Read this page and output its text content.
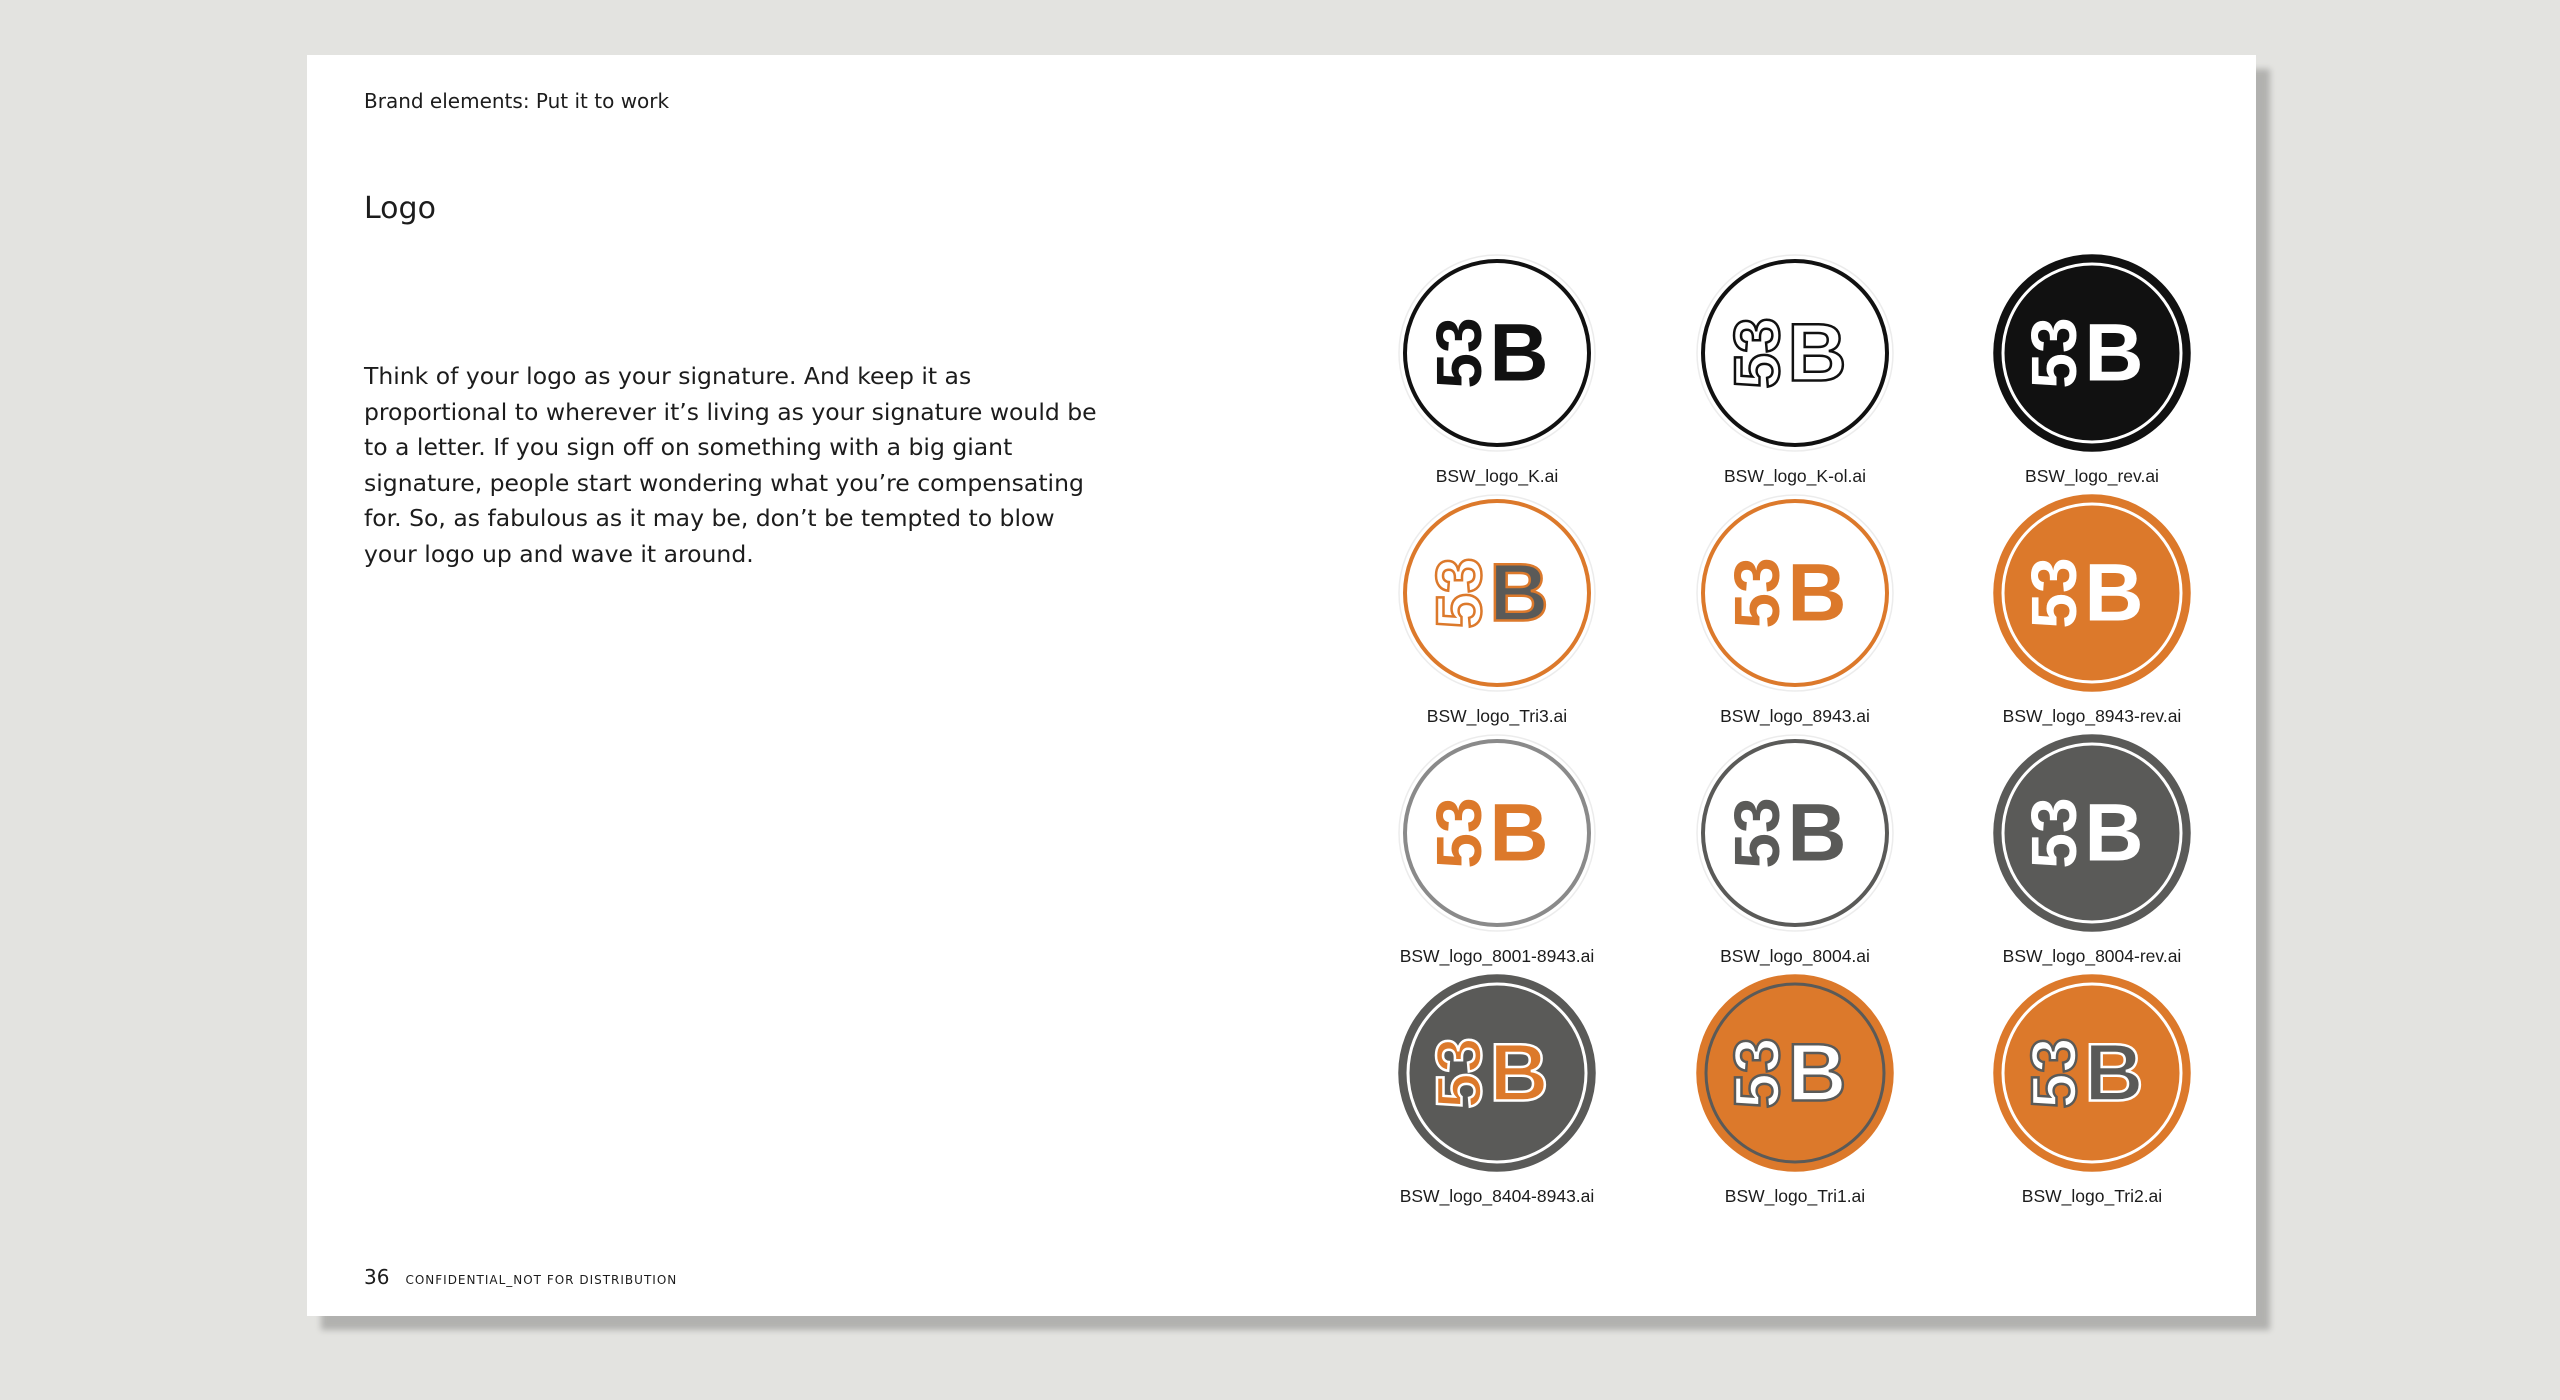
Brand elements: Put it to work
Logo

Think of your logo as your signature. And keep it as proportional to wherever it’s living as your signature would be to a letter. If you sign off on something with a big giant signature, people start wondering what you’re compensating for. So, as fabulous as it may be, don’t be tempted to blow your logo up and wave it around.

53
B
BSW_logo_K.ai
53
B
BSW_logo_K-ol.ai
53
B
BSW_logo_rev.ai
53
B
BSW_logo_Tri3.ai
53
B
BSW_logo_8943.ai
53
B
BSW_logo_8943-rev.ai
53
B
BSW_logo_8001-8943.ai
53
B
BSW_logo_8004.ai
53
B
BSW_logo_8004-rev.ai
53
B
BSW_logo_8404-8943.ai
53
B
BSW_logo_Tri1.ai
53
B
BSW_logo_Tri2.ai
36 CONFIDENTIAL_NOT FOR DISTRIBUTION
